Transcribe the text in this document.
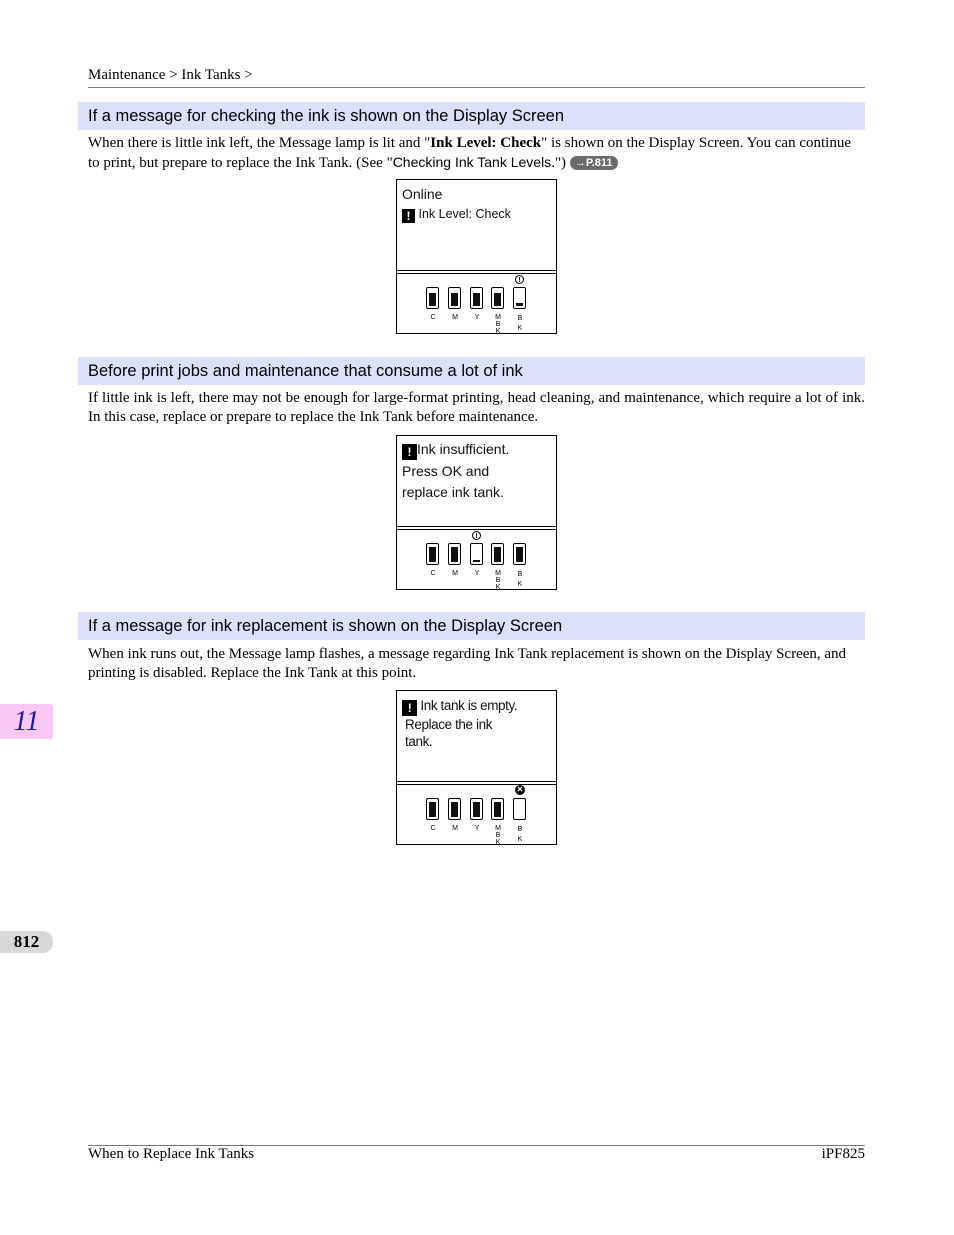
Maintenance > Ink Tanks >
If a message for checking the ink is shown on the Display Screen
When there is little ink left, the Message lamp is lit and "Ink Level: Check" is shown on the Display Screen. You can continue to print, but prepare to replace the Ink Tank. (See "Checking Ink Tank Levels.") →P.811
Online
! Ink Level: Check
!
C	M	Y	M
B
K
B
K
Before print jobs and maintenance that consume a lot of ink
If little ink is left, there may not be enough for large-format printing, head cleaning, and maintenance, which require a lot of ink. In this case, replace or prepare to replace the Ink Tank before maintenance.
! Ink insufficient.
Press OK and
replace ink tank.
!
C	M	Y	M
B
K
B
K
If a message for ink replacement is shown on the Display Screen
When ink runs out, the Message lamp flashes, a message regarding Ink Tank replacement is shown on the Display Screen, and printing is disabled. Replace the Ink Tank at this point.
! Ink tank is empty.
Replace the ink
tank.
✕
C	M	Y	M
B
K
B
K
11
812
When to Replace Ink Tanks	iPF825
